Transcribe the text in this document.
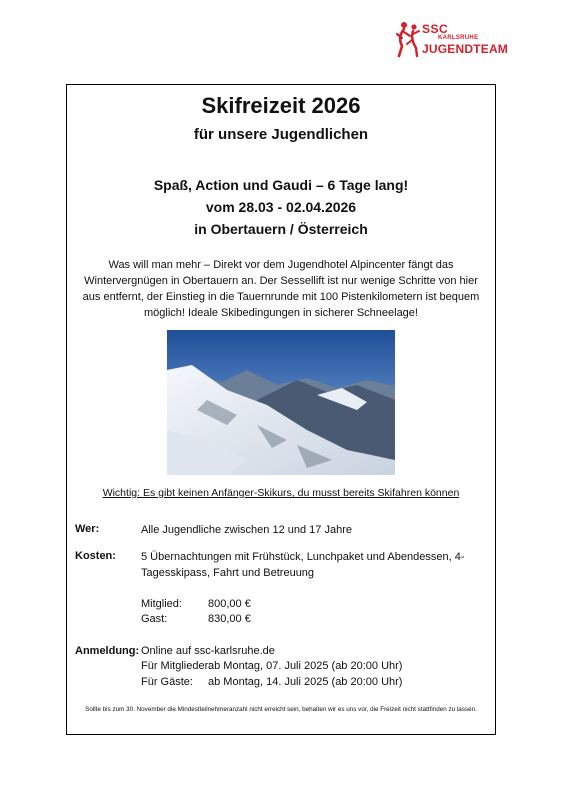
SSC
KARLSRUHE
JUGENDTEAM
Skifreizeit 2026
für unsere Jugendlichen
Spaß, Action und Gaudi – 6 Tage lang!
vom 28.03 - 02.04.2026
in Obertauern / Österreich
Was will man mehr – Direkt vor dem Jugendhotel Alpincenter fängt das Wintervergnügen in Obertauern an. Der Sessellift ist nur wenige Schritte von hier aus entfernt, der Einstieg in die Tauernrunde mit 100 Pistenkilometern ist bequem möglich! Ideale Skibedingungen in sicherer Schneelage!
Wichtig: Es gibt keinen Anfänger-Skikurs, du musst bereits Skifahren können
Wer:	Alle Jugendliche zwischen 12 und 17 Jahre
Kosten: 5 Übernachtungen mit Frühstück, Lunchpaket und Abendessen, 4-Tagesskipass, Fahrt und Betreuung
Mitglied: 800,00 €
Gast:	830,00 €
Anmeldung: Online auf ssc-karlsruhe.de
Für Mitglieder:
ab Montag, 07. Juli 2025 (ab 20:00 Uhr)
Für Gäste: ab Montag, 14. Juli 2025 (ab 20:00 Uhr)
Sollte bis zum 30. November die Mindestteilnehmeranzahl nicht erreicht sein, behalten wir es uns vor, die Freizeit nicht stattfinden zu lassen.
